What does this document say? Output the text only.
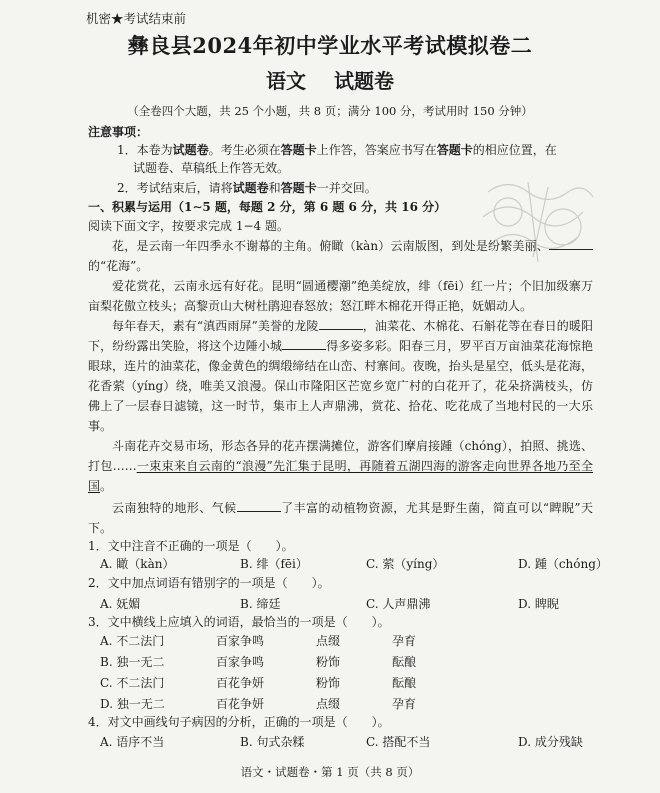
机密★考试结束前
彝良县2024年初中学业水平考试模拟卷二
语文 试题卷
（全卷四个大题，共 25 个小题，共 8 页；满分 100 分，考试用时 150 分钟）
注意事项：
1．本卷为试题卷。考生必须在答题卡上作答，答案应书写在答题卡的相应位置，在
试题卷、草稿纸上作答无效。
2．考试结束后，请将试题卷和答题卡一并交回。
一、积累与运用（1∼5 题，每题 2 分，第 6 题 6 分，共 16 分）
阅读下面文字，按要求完成 1−4 题。

花，是云南一年四季永不谢幕的主角。俯瞰（kàn）云南版图，到处是纷繁美丽、的“花海”。

爱花赏花，云南永远有好花。昆明“圆通樱潮”绝美绽放，绯（fēi）红一片；个旧加级寨万亩梨花傲立枝头；高黎贡山大树杜鹃迎春怒放；怒江畔木棉花开得正艳，妩媚动人。

每年春天，素有“滇西雨屏”美誉的龙陵	，油菜花、木棉花、石斛花等在春日的暖阳下，纷纷露出笑脸，将这个边陲小城	得多姿多彩。阳春三月，罗平百万亩油菜花海惊艳眼球，连片的油菜花，像金黄色的绸缎缔结在山峦、村寨间。夜晚，抬头是星空，低头是花海，花香萦（yíng）绕，唯美又浪漫。保山市隆阳区芒宽乡宽广村的白花开了，花朵挤满枝头，仿佛上了一层春日滤镜，这一时节，集市上人声鼎沸，赏花、拾花、吃花成了当地村民的一大乐事。

斗南花卉交易市场，形态各异的花卉摆满摊位，游客们摩肩接踵（chóng），拍照、挑选、打包……一束束来自云南的“浪漫”先汇集于昆明，再随着五湖四海的游客走向世界各地乃至全国。

云南独特的地形、气候	了丰富的动植物资源，尤其是野生菌，简直可以“睥睨”天下。

1．文中注音不正确的一项是（　　）。
A. 瞰（kàn）	B. 绯（fēi）	C. 萦（yíng）	D. 踵（chóng）
2．文中加点词语有错别字的一项是（　　）。
A. 妩媚	B. 缔廷	C. 人声鼎沸	D. 睥睨
3．文中横线上应填入的词语，最恰当的一项是（　　）。
A. 不二法门	百家争鸣	点缀	孕育
B. 独一无二	百家争鸣	粉饰	酝酿
C. 不二法门	百花争妍	粉饰	酝酿
D. 独一无二	百花争妍	点缀	孕育
4．对文中画线句子病因的分析，正确的一项是（　　）。
A. 语序不当	B. 句式杂糅	C. 搭配不当	D. 成分残缺
语文・试题卷・第 1 页（共 8 页）
